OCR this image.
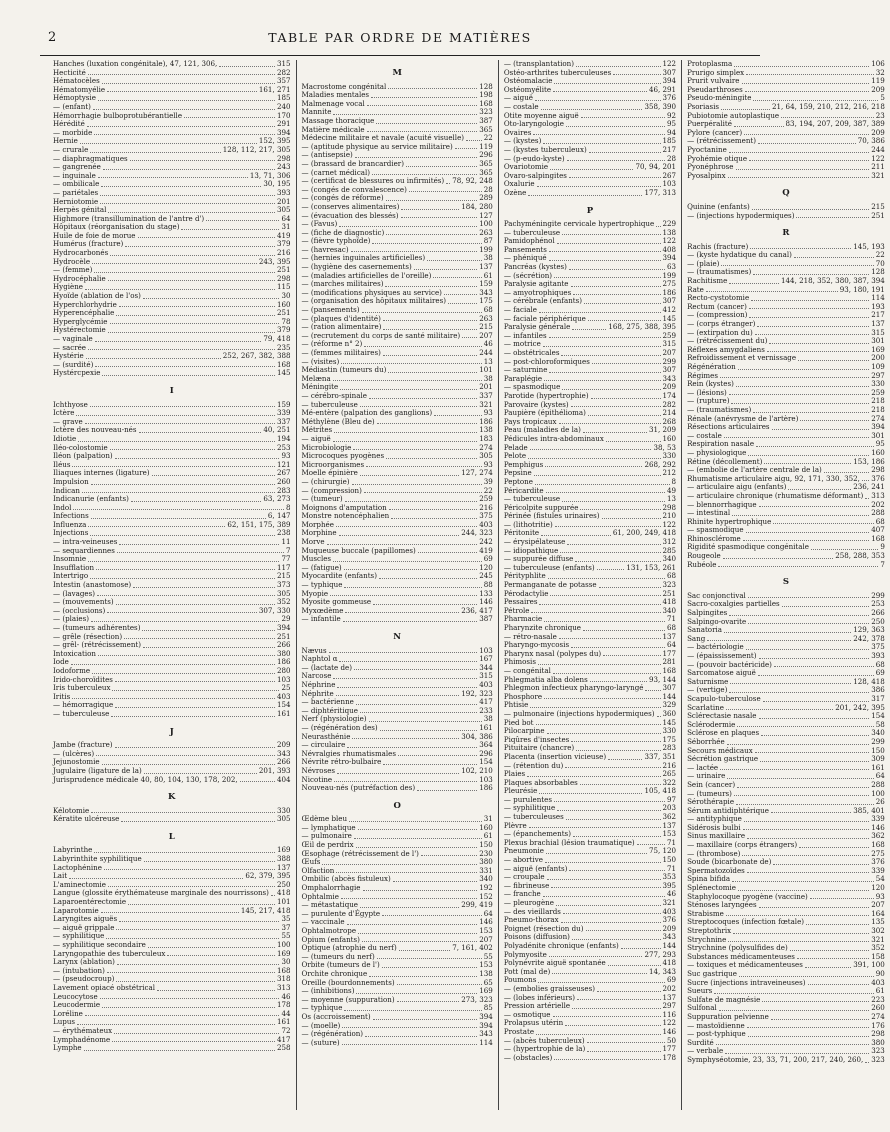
2	TABLE PAR ORDRE DE MATIÈRES
Hanches (luxation congénitale), 47, 121, 306,	315
Hecticité	282
Hématocèles	357
Hématomyélie	161, 271
Hémoptysie	185
— (enfant)	240
Hémorrhagie bulboprotubérantielle	170
Hérédité	291
— morbide	394
Hernie	152, 395
— crurale	128, 112, 217, 305
— diaphragmatiques	298
— gangrenée	243
— inguinale	13, 71, 306
— ombilicale	30, 195
— pariétales	393
Herniotomie	201
Herpès génital	305
Highmore (transillumination de l'antre d')	64
Hôpitaux (réorganisation du stage)	31
Huile de foie de morue	419
Humérus (fracture)	379
Hydrocarbonés	216
Hydrocèle	243, 395
— (femme)	251
Hydrocéphalie	298
Hygiène	115
Hyoïde (ablation de l'os)	30
Hyperchlorhydrie	160
Hyperencéphalie	251
Hyperglycémie	78
Hystérectomie	379
— vaginale	79, 418
— sacrée	235
Hystérie	252, 267, 382, 388
— (surdité)	168
Hystércpexie	145
I
Ichthyose	159
Ictère	339
— grave	337
Ictère des nouveau-nés	40, 251
Idiotie	194
Iléo-colostomie	253
Iléon (palpation)	93
Iléus	121
Iliaques internes (ligature)	267
Impulsion	260
Indican	283
Indicanurie (enfants)	63, 273
Indol	8
Infections	6, 147
Influenza	62, 151, 175, 389
Injections	238
— intra-veineuses	11
— sequardiennes	7
Insomnie	77
Insufflation	117
Intertrigo	215
Intestin (anastomose)	373
— (lavages)	305
— (mouvements)	352
— (occlusions)	307, 330
— (plaies)	29
— (tumeurs adhérentes)	394
— grêle (résection)	251
— grêl- (rétrécissement)	266
Intoxication	380
Iode	186
Iodoforme	280
Irido-choroïdites	103
Iris tuberculeux	25
Iritis	403
— hémorragique	154
— tuberculeuse	161
J
Jambe (fracture)	209
— (ulcères)	343
Jejunostomie	266
Jugulaire (ligature de la)	201, 393
Jurisprudence médicale 40, 80, 104, 130, 178, 202,	404
K
Kélotomie	330
Kératite ulcéreuse	305
L
Labyrinthe	169
Labyrinthite syphilitique	388
Lactophénine	137
Lait	62, 379, 395
L'aminectomie	250
Langue (glossite érythémateuse marginale des nourrissons) 418
Laparoentérectomie	101
Laparotomie	145, 217, 418
Laryngites aiguës	35
— aiguë grippale	37
— syphilitique	55
— syphilitique secondaire	100
Laryngopathie des tuberculeux	169
Larynx (ablation)	30
— (intubation)	168
— (pseudocroup)	318
Lavement opiacé obstétrical	313
Leucocytose	46
Leucodermie	178
Loréline	44
Lupus	161
— érythémateux	72
Lymphadénome	417
Lymphe	258
M
Macrostome congénital	128
Maladies mentales	198
Malmenage vocal	168
Mannite	323
Massage thoracique	387
Matière médicale	365
Médecine militaire et navale (acuité visuelle)	22
— (aptitude physique au service militaire)	119
— (antisepsie)	296
— (brassard de brancardier)	365
— (carnet médical)	365
— (certificat de blessures ou infirmités) 78, 92, 248
— (congés de convalescence)	28
— (congés de réforme)	289
— (conserves alimentaires)	184, 280
— (évacuation des blessés)	127
— (Favus)	100
— (fiche de diagnostic)	263
— (fièvre typhoïde)	87
— (havresac)	199
— (hernies inguinales artificielles)	38
— (hygiène des casernements)	137
— (maladies artificielles de l'oreille)	61
— (marches militaires)	159
— (modifications physiques au service)	343
— (organisation des hôpitaux militaires)	175
— (pansements)	68
— (plaques d'identité)	263
— (ration alimentaire)	215
— (recrutement du corps de santé militaire)	207
— (réforme n° 2)	46
— (femmes militaires)	244
— (visites)	13
Médiastin (tumeurs du)	101
Melæna	38
Méningite	201
— cérébro-spinale	337
— tuberculeuse	321
Mé-entère (palpation des ganglions)	93
Méthylène (Bleu de)	186
Métrites	138
— aiguë	183
Microbiologie	274
Microcoques pyogènes	305
Microorganismes	93
Moelle épinière	127, 274
— (chirurgie)	39
— (compression)	22
— (tumeur)	259
Moignons d'amputation	216
Monstre notencéphalien	375
Morphée	403
Morphine	244, 323
Morve	242
Muqueuse buccale (papillomes)	419
Muscles	69
— (fatigue)	120
Myocardite (enfants)	245
— typhique	88
Myopie	133
Myosite gommeuse	146
Myxœdème	236, 417
— infantile	387
N
Nævus	103
Naphtol α	167
— (lactate de)	344
Narcose	315
Néphrine	403
Néphrite	192, 323
— bactérienne	417
— diphtéritique	233
Nerf (physiologie)	38
— (régénération des)	161
Neurasthénie	304, 386
— circulaire	364
Névralgies rhumatismales	296
Névrite rétro-bulbaire	154
Névroses	102, 210
Nicotine	103
Nouveau-nés (putréfaction des)	186
O
Œdème bleu	31
— lymphatique	160
— pulmonaire	61
Œil de perdrix	150
Œsophage (rétrécissement de l')	230
Œufs	380
Olfaction	331
Ombilic (abcès fistuleux)	340
Omphalorrhagie	192
Ophtalmie	152
— métastatique	299, 419
— purulente d'Égypte	64
— vaccinale	146
Ophtalmotrope	153
Opium (enfants)	207
Optique (atrophie du nerf)	7, 161, 402
— (tumeurs du nerf)	55
Orbite (tumeurs de l')	153
Orchite chronique	138
Oreille (bourdonnements)	65
— (inhibitions)	169
— moyenne (suppuration)	273, 323
— typhique	85
Os (accroissement)	394
— (moelle)	394
— (régénération)	343
— (suture)	114
— (transplantation)	122
Ostéo-arthrites tuberculeuses	307
Ostéomalacie	394
Ostéomyélite	46, 291
— aiguë	376
— costale	358, 390
Otite moyenne aiguë	92
Oto-laryngologie	95
Ovaires	94
— (kystes)	185
— (kystes tuberculeux)	217
— (p-eudo-kyste)	28
Ovariotomie	70, 94, 201
Ovaro-salpingites	267
Oxalurie	103
Ozène	177, 313
P
Pachyméningite cervicale hypertrophique 229
— tuberculeuse	138
Pamidophénol	122
Pansements	408
— phéniqué	394
Pancréas (kystes)	63
— (sécrétion)	199
Paralysie agitante	275
— amyotrophiques	186
— cérébrale (enfants)	307
— faciale	412
— faciale périphérique	145
Paralysie générale	168, 275, 388, 395
— infantiles	259
— motrice	315
— obstétricales	207
— post-chloroformiques	299
— saturnine	307
Paraplégie	343
— spasmodique	209
Parotide (hypertrophie)	174
Parovaire (kystes)	282
Paupière (épithélioma)	214
Pays tropicaux	268
Peau (maladies de la)	31, 209
Pédicules intra-abdominaux	160
Pelade	38, 53
Pelote	330
Pemphigus	268, 292
Pepsine	212
Peptone	8
Péricardite	49
— tuberculeuse	13
Péricolpite suppurée	298
Périnée (fistules urinaires)	210
— (lithotritie)	122
Péritonite	61, 200, 249, 418
— érysipélateuse	312
— idiopathique	285
— suppurée diffuse	340
— tuberculeuse (enfants)	131, 153, 261
Pérityphlite	68
Permanganate de potasse	323
Pérodactylie	251
Pessaires	418
Pétrole	340
Pharmacie	71
Pharynzite chronique	68
— rétro-nasale	137
Pharyngo-mycosis	64
Pharynx nasal (polypes du)	177
Phimosis	281
— congénital	168
Phlegmatia alba dolens	93, 144
Phlegmon infectieux pharyngo-laryngé	307
Phosphore	144
Phtisie	329
— pulmonaire (injections hypodermiques) 360
Pied bot	145
Pilocarpine	330
Piqûres d'insectes	175
Pituitaire (chancre)	283
Placenta (insertion vicieuse)	337, 351
— (rétention du)	216
Plaies	265
Plaques absorbables	322
Pleurésie	105, 418
— purulentes	97
— syphilitique	203
— tuberculeuses	362
Plèvre	137
— (épanchements)	153
Plexus brachial (lésion traumatique)	71
Pneumonie	75, 120
— abortive	150
— aiguë (enfants)	71
— croupale	353
— fibrineuse	395
— franche	46
— pleurogène	321
— des vieillards	403
Pneumo-thorax	376
Poignet (résection du)	209
Poisons (diffusion)	343
Polyadénite chronique (enfants)	144
Polymyosite	277, 293
Polynévrite aiguë spontanée	418
Pott (mal de)	14, 343
Poumons	69
— (embolies graisseuses)	202
— (lobes inférieurs)	137
Pression artérielle	297
— osmotique	116
Prolapsus utérin	122
Prostate	146
— (abcès tuberculeux)	50
— (hypertrophie de la)	177
— (obstacles)	178
Protoplasma	106
Prurigo simplex	32
Prurit vulvaire	119
Pseudarthroses	209
Pseudo-méningite	5
Psoriasis	21, 64, 159, 210, 212, 216, 218
Pubiotomie autoplastique	23
Puerpéralité	83, 194, 207, 209, 387, 389
Pylore (cancer)	209
— (rétrécissement)	70, 386
Pyoctanine	244
Pyohémie otique	122
Pyonéphrose	211
Pyosalpinx	321
Q
Quinine (enfants)	215
— (injections hypodermiques)	251
R
Rachis (fracture)	145, 193
— (kyste hydatique du canal)	22
— (plaie)	70
— (traumatismes)	128
Rachitisme	144, 218, 352, 380, 387, 394
Rate	93, 180, 191
Recto-cystotomie	114
Rectum (cancer)	193
— (compression)	217
— (corps étranger)	137
— (extirpation du)	315
— (rétrécissement du)	301
Réflexes amygdaliens	169
Refroidissement et vernissage	200
Régénération	109
Régimes	297
Rein (kystes)	330
— (lésions)	259
— (rupture)	218
— (traumatismes)	218
Rénale (anévrysme de l'artère)	274
Résections articulaires	394
— costale	301
Respiration nasale	95
— physiologique	160
Rétine (décollement)	153, 186
— (embolie de l'artère centrale de la)	298
Rhumatisme articulaire aigu, 92, 171, 330, 352, 376
— articulaire aigu (enfants)	236, 241
— articulaire chronique (rhumatisme déformant) 313
— blennorrhagique	202
— intestinal	288
Rhinite hypertrophique	68
— spasmodique	407
Rhinosclérome	168
Rigidité spasmodique congénitale	9
Rougeole	258, 288, 353
Rubéole	7
S
Sac conjonctival	299
Sacro-coxalgies partielles	253
Salpingites	266
Salpingo-ovarite	250
Sanatoria	129, 363
Sang	242, 378
— bactériologie	375
— (épaississement)	393
— (pouvoir bactéricide)	68
Sarcomatose aiguë	69
Saturnisme	128, 418
— (vertige)	386
Scapulo-tuberculose	317
Scarlatine	201, 242, 395
Sclérectasie nasale	154
Sclérodermie	58
Sclérose en plaques	340
Séborrhée	299
Secours médicaux	150
Sécrétion gastrique	309
— lactée	161
— urinaire	64
Sein (cancer)	288
— (tumeurs)	100
Sérothérapie	26
Sérum antidiphtérique	385, 401
— antityphique	339
Sidérosis bulbi	146
Sinus maxillaire	362
— maxillaire (corps étrangers)	168
— (thrombose)	275
Soude (bicarbonate de)	376
Spermatozoïdes	339
Spina bifida	54
Splénectomie	120
Staphylocoque pyogène (vaccine)	93
Sténoses laryngées	207
Strabisme	164
Streptocoques (infection fœtale)	135
Streptothrix	302
Strychnine	321
Strychnine (polysulfides de)	352
Substances médicamenteuses	158
— toxiques et médicamenteuses	391, 100
Suc gastrique	90
Sucre (injections intraveineuses)	403
Sueurs	61
Sulfate de magnésie	223
Sulfonal	260
Suppuration pelvienne	274
— mastoïdienne	176
— post-typhique	298
Surdité	380
— verbale	323
Symphyséotomie, 23, 33, 71, 200, 217, 240, 260, 323
